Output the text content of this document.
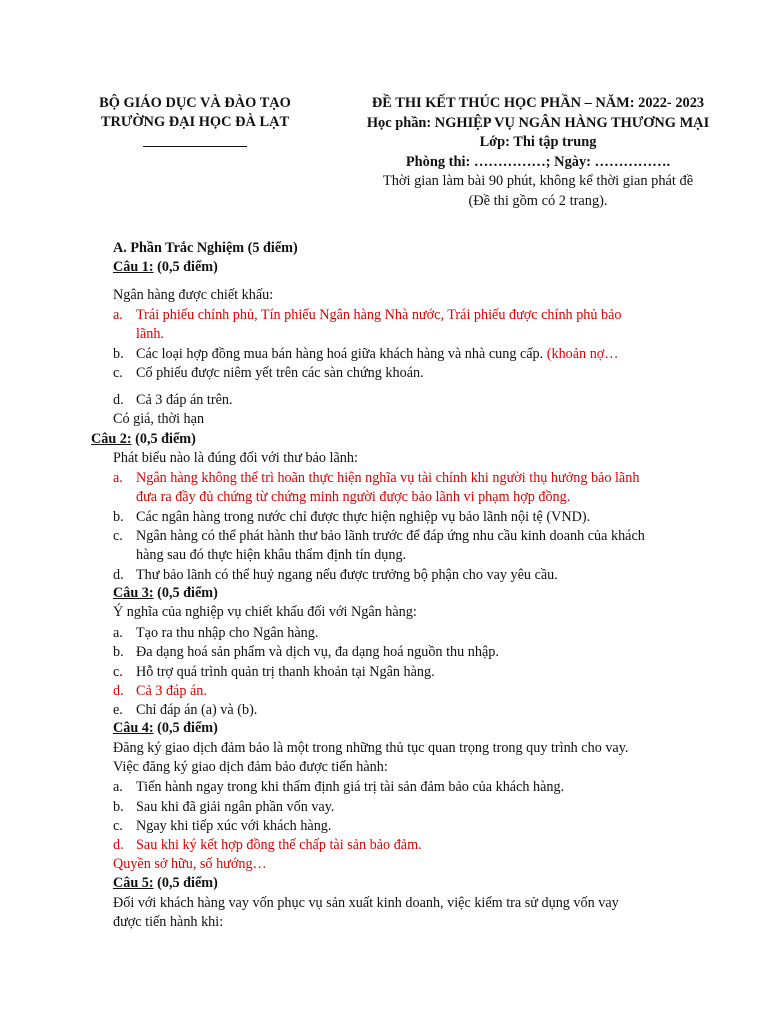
BỘ GIÁO DỤC VÀ ĐÀO TẠO
TRƯỜNG ĐẠI HỌC ĐÀ LẠT
ĐỀ THI KẾT THÚC HỌC PHẦN – NĂM: 2022- 2023
Học phần: NGHIỆP VỤ NGÂN HÀNG THƯƠNG MẠI
Lớp: Thi tập trung
Phòng thi: ……………; Ngày: …………….
Thời gian làm bài 90 phút, không kể thời gian phát đề
(Đề thi gồm có 2 trang).
A. Phần Trắc Nghiệm (5 điểm)
Câu 1: (0,5 điểm)
Ngân hàng được chiết khấu:
a. Trái phiếu chính phủ, Tín phiếu Ngân hàng Nhà nước, Trái phiếu được chính phủ bảo
lãnh.
b. Các loại hợp đồng mua bán hàng hoá giữa khách hàng và nhà cung cấp. (khoản nợ…
c. Cổ phiếu được niêm yết trên các sàn chứng khoán.
d. Cả 3 đáp án trên.
Có giá, thời hạn
Câu 2: (0,5 điểm)
Phát biểu nào là đúng đối với thư bảo lãnh:
a. Ngân hàng không thể trì hoãn thực hiện nghĩa vụ tài chính khi người thụ hưởng bảo lãnh
đưa ra đầy đủ chứng từ chứng minh người được bảo lãnh vi phạm hợp đồng.
b. Các ngân hàng trong nước chỉ được thực hiện nghiệp vụ bảo lãnh nội tệ (VND).
c. Ngân hàng có thể phát hành thư bảo lãnh trước để đáp ứng nhu cầu kinh doanh của khách
hàng sau đó thực hiện khâu thẩm định tín dụng.
d. Thư bảo lãnh có thể huỷ ngang nếu được trưởng bộ phận cho vay yêu cầu.
Câu 3: (0,5 điểm)
Ý nghĩa của nghiệp vụ chiết khấu đối với Ngân hàng:
a. Tạo ra thu nhập cho Ngân hàng.
b. Đa dạng hoá sản phẩm và dịch vụ, đa dạng hoá nguồn thu nhập.
c. Hỗ trợ quá trình quản trị thanh khoản tại Ngân hàng.
d. Cả 3 đáp án.
e. Chỉ đáp án (a) và (b).
Câu 4: (0,5 điểm)
Đăng ký giao dịch đảm bảo là một trong những thủ tục quan trọng trong quy trình cho vay.
Việc đăng ký giao dịch đảm bảo được tiến hành:
a. Tiến hành ngay trong khi thẩm định giá trị tài sản đảm bảo của khách hàng.
b. Sau khi đã giải ngân phần vốn vay.
c. Ngay khi tiếp xúc với khách hàng.
d. Sau khi ký kết hợp đồng thế chấp tài sản bảo đảm.
Quyền sở hữu, số hướng…
Câu 5: (0,5 điểm)
Đối với khách hàng vay vốn phục vụ sản xuất kinh doanh, việc kiểm tra sử dụng vốn vay
được tiến hành khi:
